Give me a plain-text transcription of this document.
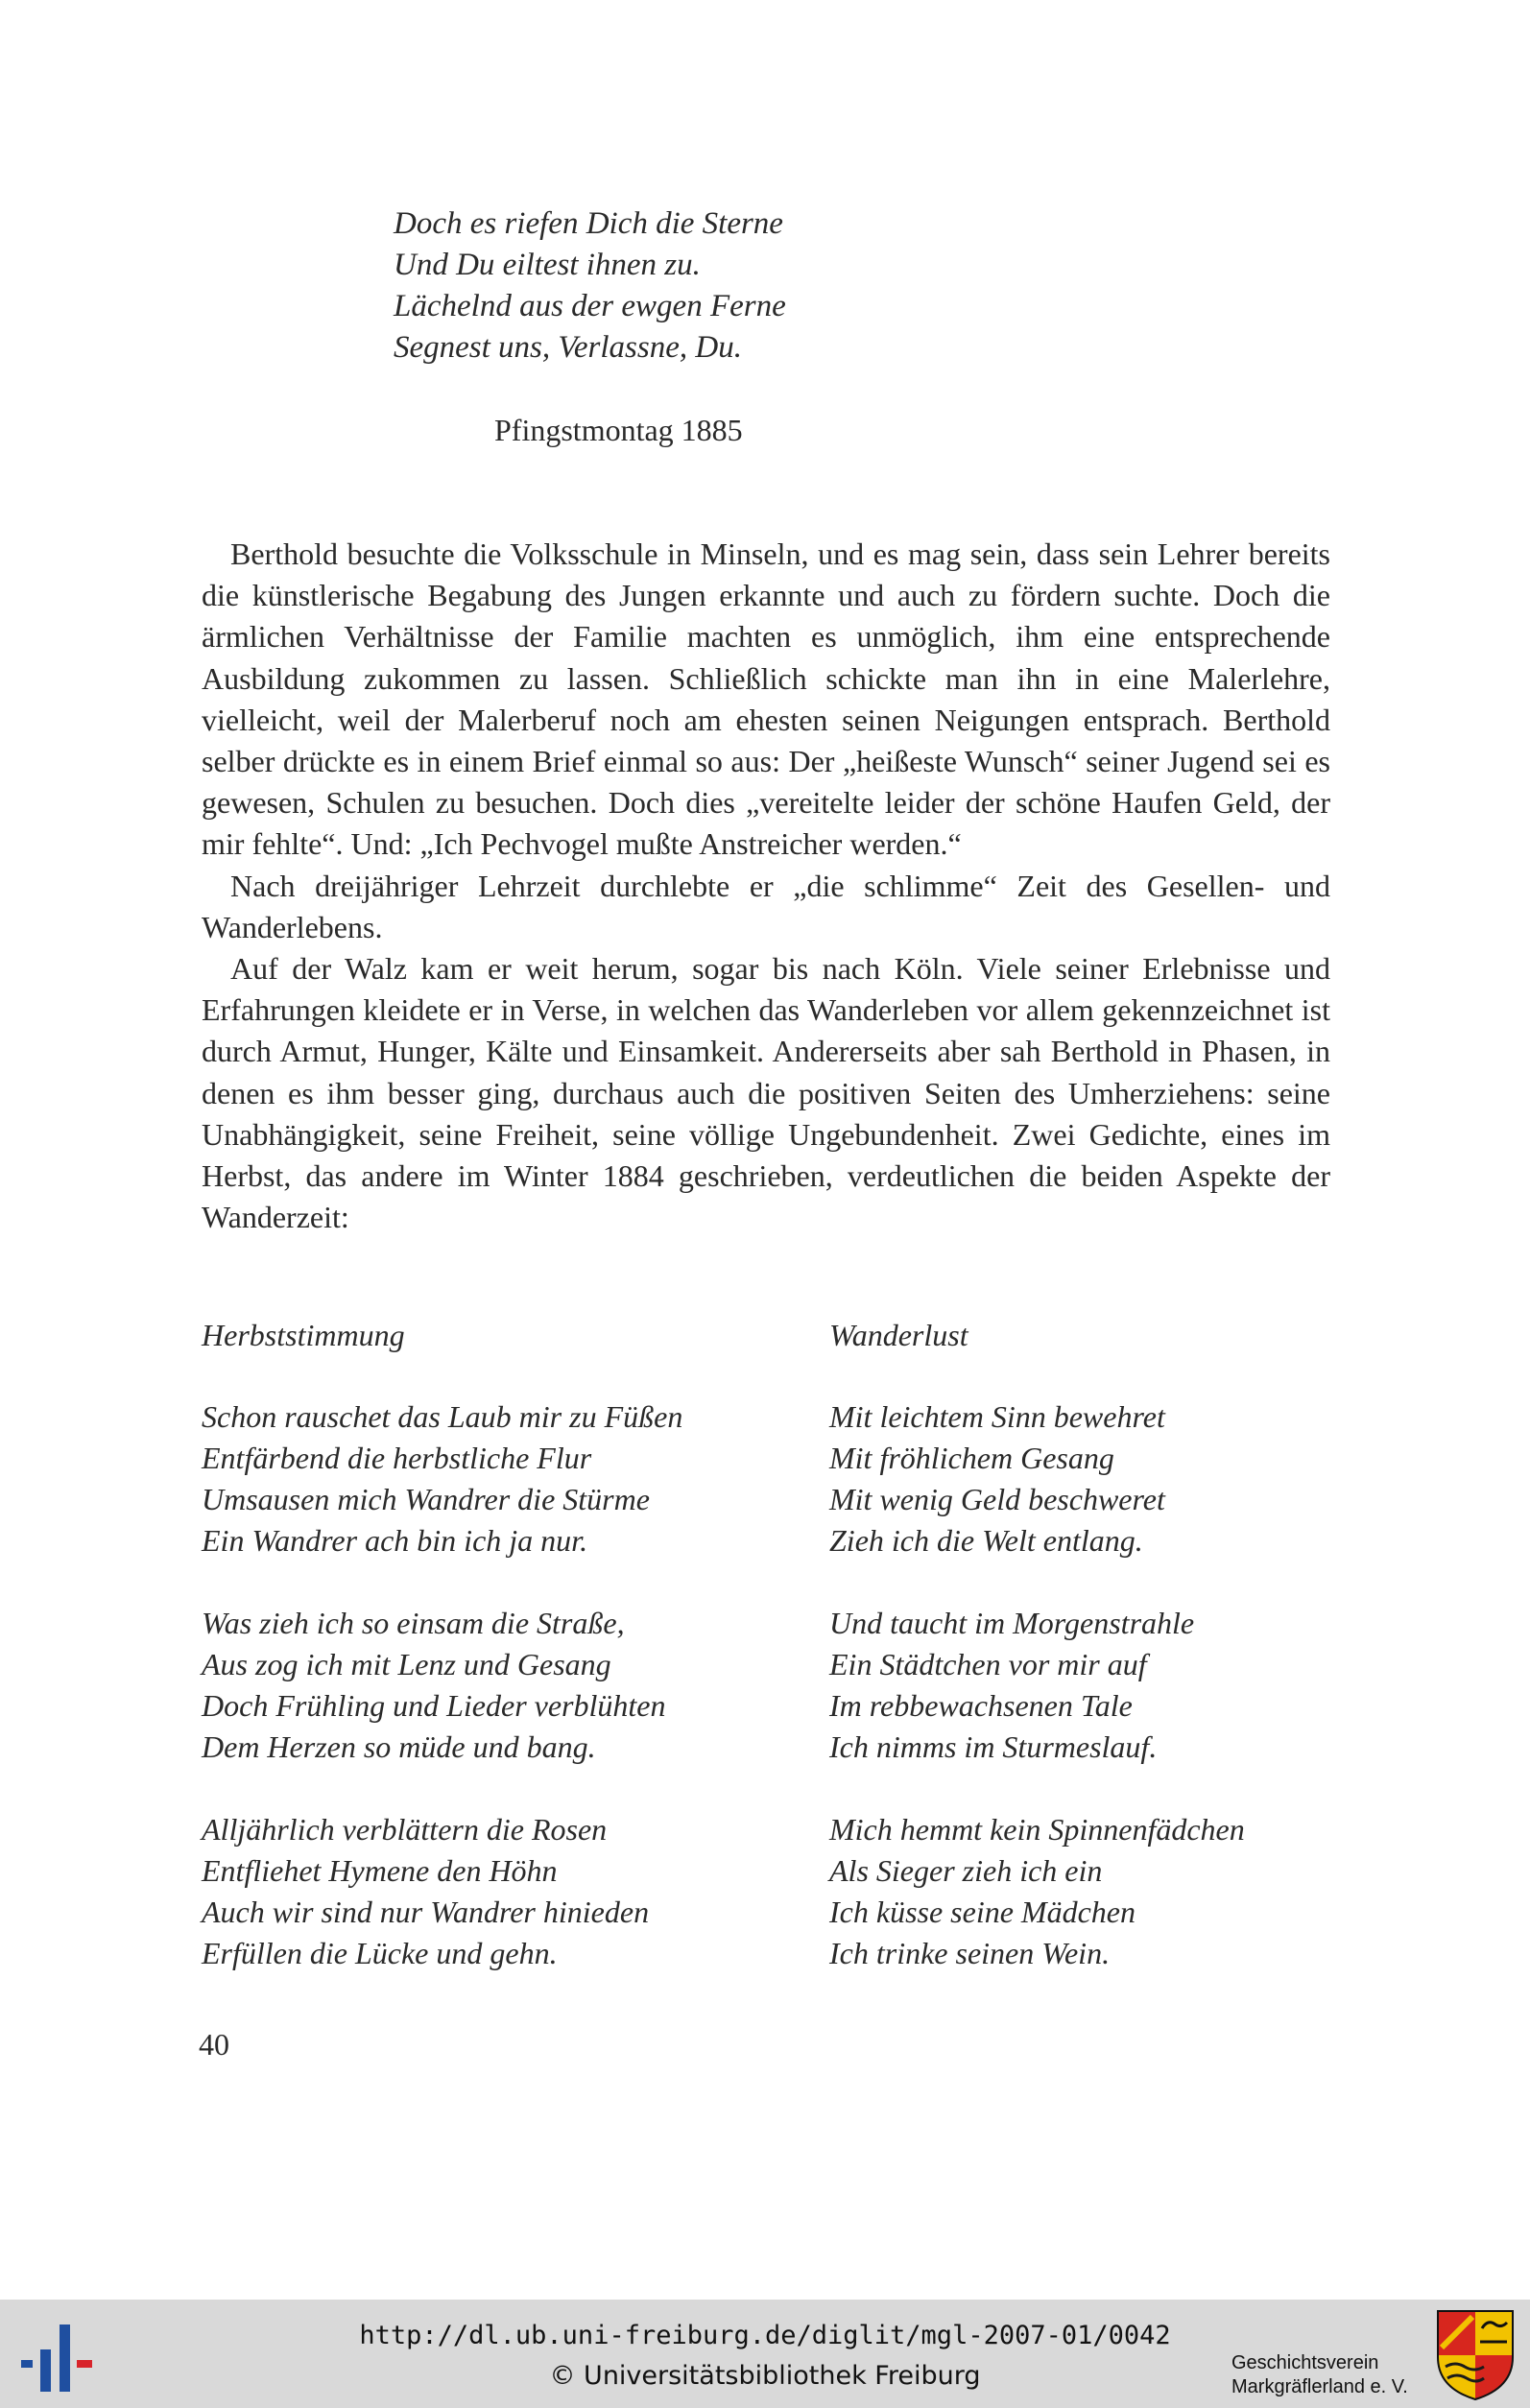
Doch es riefen Dich die Sterne
Und Du eiltest ihnen zu.
Lächelnd aus der ewgen Ferne
Segnest uns, Verlassne, Du.
Pfingstmontag 1885

Berthold besuchte die Volksschule in Minseln, und es mag sein, dass sein Lehrer bereits die künstlerische Begabung des Jungen erkannte und auch zu fördern suchte. Doch die ärmlichen Verhältnisse der Familie machten es unmöglich, ihm eine entsprechende Ausbildung zukommen zu lassen. Schließlich schickte man ihn in eine Malerlehre, vielleicht, weil der Malerberuf noch am ehesten seinen Neigungen entsprach. Berthold selber drückte es in einem Brief einmal so aus: Der „heißeste Wunsch“ seiner Jugend sei es gewesen, Schulen zu besuchen. Doch dies „vereitelte leider der schöne Haufen Geld, der mir fehlte“. Und: „Ich Pechvogel mußte Anstreicher werden.“

Nach dreijähriger Lehrzeit durchlebte er „die schlimme“ Zeit des Gesellen- und Wanderlebens.

Auf der Walz kam er weit herum, sogar bis nach Köln. Viele seiner Erlebnisse und Erfahrungen kleidete er in Verse, in welchen das Wanderleben vor allem gekennzeichnet ist durch Armut, Hunger, Kälte und Einsamkeit. Andererseits aber sah Berthold in Phasen, in denen es ihm besser ging, durchaus auch die positiven Seiten des Umherziehens: seine Unabhängigkeit, seine Freiheit, seine völlige Ungebundenheit. Zwei Gedichte, eines im Herbst, das andere im Winter 1884 geschrieben, verdeutlichen die beiden Aspekte der Wanderzeit:

Herbststimmung
Schon rauschet das Laub mir zu Füßen
Entfärbend die herbstliche Flur
Umsausen mich Wandrer die Stürme
Ein Wandrer ach bin ich ja nur.
Was zieh ich so einsam die Straße,
Aus zog ich mit Lenz und Gesang
Doch Frühling und Lieder verblühten
Dem Herzen so müde und bang.
Alljährlich verblättern die Rosen
Entfliehet Hymene den Höhn
Auch wir sind nur Wandrer hinieden
Erfüllen die Lücke und gehn.
Wanderlust
Mit leichtem Sinn bewehret
Mit fröhlichem Gesang
Mit wenig Geld beschweret
Zieh ich die Welt entlang.
Und taucht im Morgenstrahle
Ein Städtchen vor mir auf
Im rebbewachsenen Tale
Ich nimms im Sturmeslauf.
Mich hemmt kein Spinnenfädchen
Als Sieger zieh ich ein
Ich küsse seine Mädchen
Ich trinke seinen Wein.
40
http://dl.ub.uni-freiburg.de/diglit/mgl-2007-01/0042
© Universitätsbibliothek Freiburg	Geschichtsverein
Markgräflerland e. V.
